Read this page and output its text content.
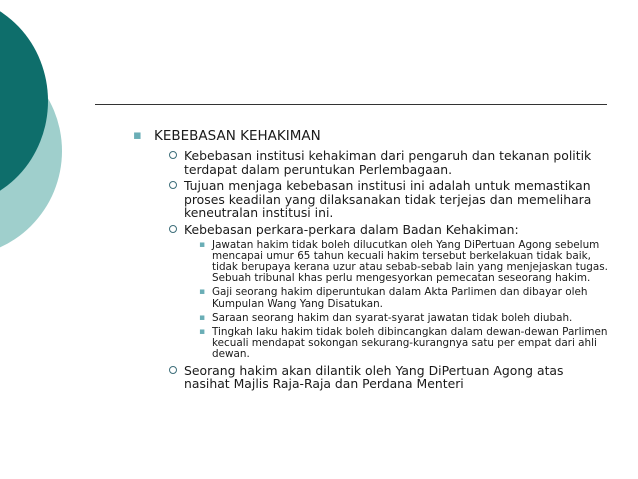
▪ KEBEBASAN KEHAKIMAN
Kebebasan institusi kehakiman dari pengaruh dan tekanan politik terdapat dalam peruntukan Perlembagaan.
Tujuan menjaga kebebasan institusi ini adalah untuk memastikan proses keadilan yang dilaksanakan tidak terjejas dan memelihara keneutralan institusi ini.
Kebebasan perkara-perkara dalam Badan Kehakiman:
▪ Jawatan hakim tidak boleh dilucutkan oleh Yang DiPertuan Agong sebelum mencapai umur 65 tahun kecuali hakim tersebut berkelakuan tidak baik, tidak berupaya kerana uzur atau sebab-sebab lain yang menjejaskan tugas. Sebuah tribunal khas perlu mengesyorkan pemecatan seseorang hakim.
▪ Gaji seorang hakim diperuntukan dalam Akta Parlimen dan dibayar oleh Kumpulan Wang Yang Disatukan.
▪ Saraan seorang hakim dan syarat-syarat jawatan tidak boleh diubah.
▪ Tingkah laku hakim tidak boleh dibincangkan dalam dewan-dewan Parlimen kecuali mendapat sokongan sekurang-kurangnya satu per empat dari ahli dewan.
Seorang hakim akan dilantik oleh Yang DiPertuan Agong atas nasihat Majlis Raja-Raja dan Perdana Menteri
